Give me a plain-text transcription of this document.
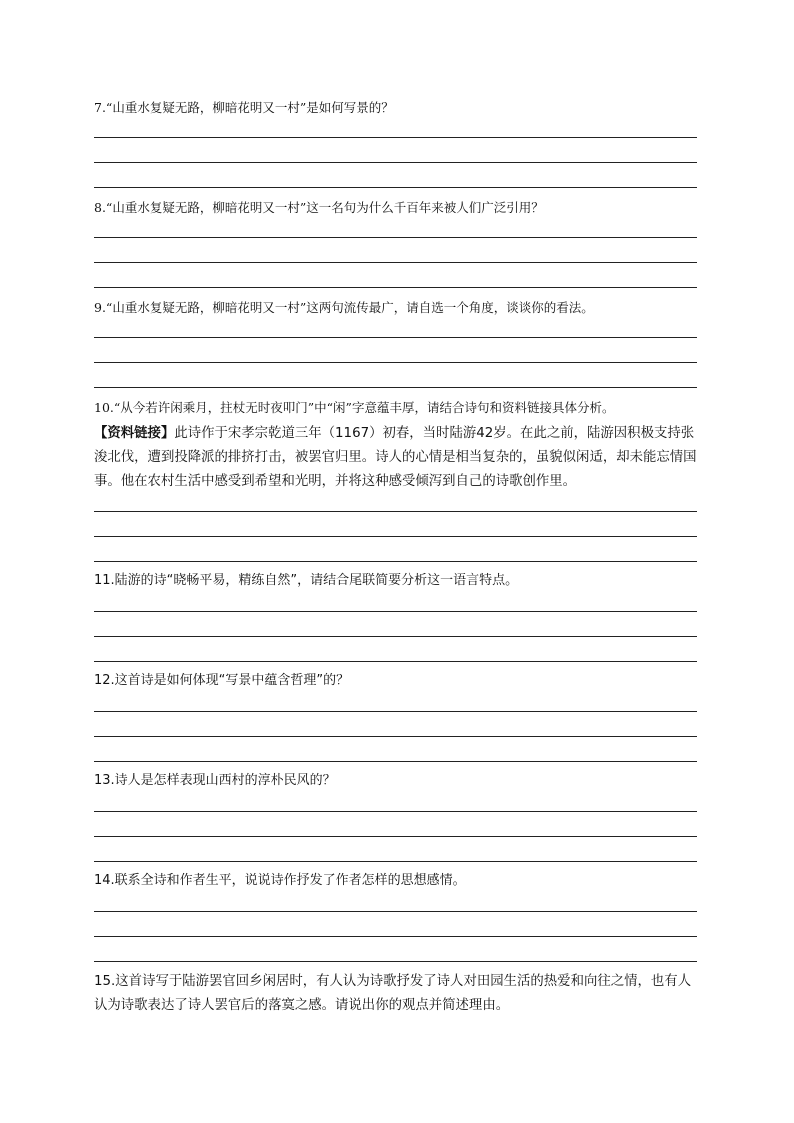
7.“山重水复疑无路，柳暗花明又一村”是如何写景的？
8.“山重水复疑无路，柳暗花明又一村”这一名句为什么千百年来被人们广泛引用？
9.“山重水复疑无路，柳暗花明又一村”这两句流传最广，请自选一个角度，谈谈你的看法。
10.“从今若许闲乘月，拄杖无时夜叩门”中“闲”字意蕴丰厚，请结合诗句和资料链接具体分析。
【资料链接】此诗作于宋孝宗乾道三年（1167）初春，当时陆游42岁。在此之前，陆游因积极支持张浚北伐，遭到投降派的排挤打击，被罢官归里。诗人的心情是相当复杂的，虽貌似闲适，却未能忘情国事。他在农村生活中感受到希望和光明，并将这种感受倾泻到自己的诗歌创作里。
11.陆游的诗“晓畅平易，精练自然”，请结合尾联简要分析这一语言特点。
12.这首诗是如何体现“写景中蕴含哲理”的？
13.诗人是怎样表现山西村的淳朴民风的？
14.联系全诗和作者生平，说说诗作抒发了作者怎样的思想感情。
15.这首诗写于陆游罢官回乡闲居时，有人认为诗歌抒发了诗人对田园生活的热爱和向往之情，也有人认为诗歌表达了诗人罢官后的落寞之感。请说出你的观点并简述理由。
